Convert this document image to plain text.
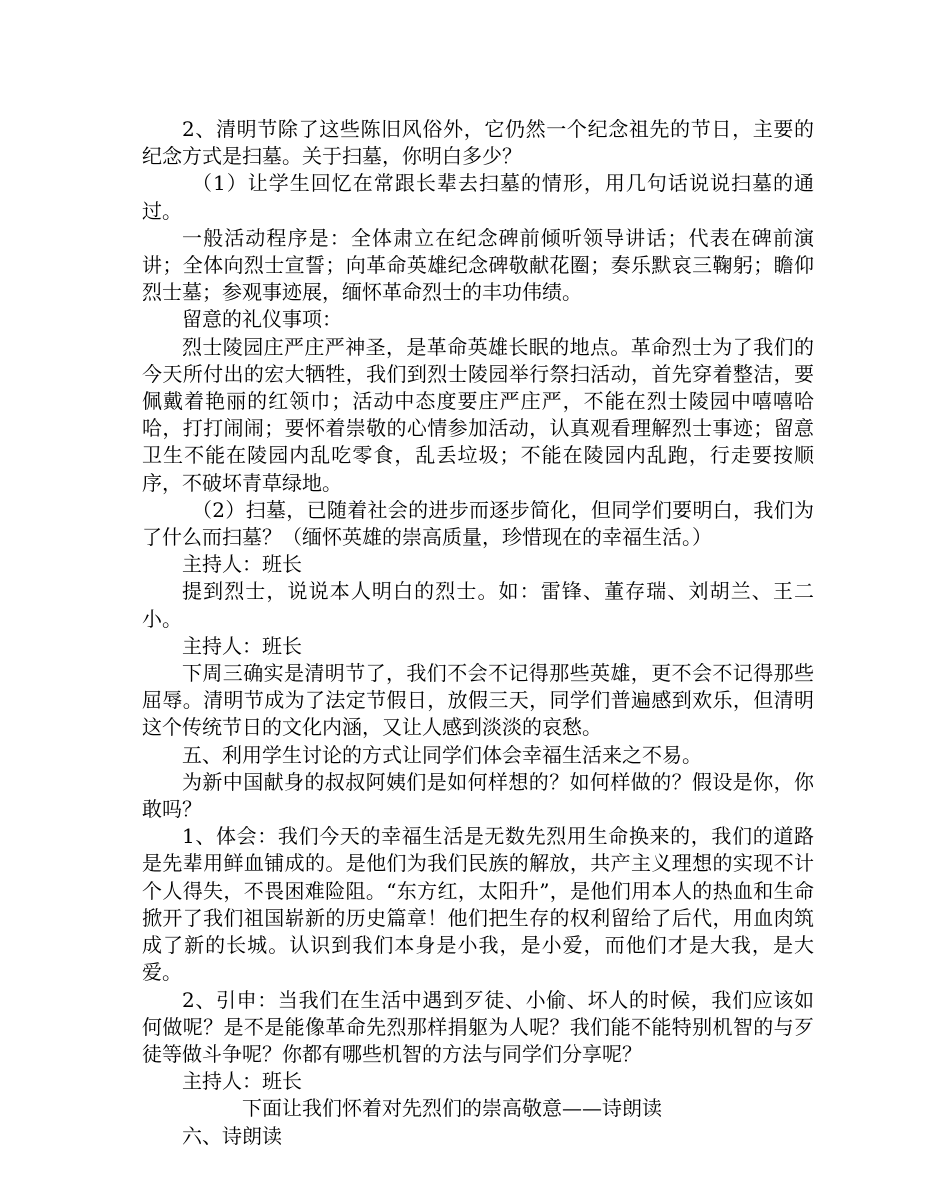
2、清明节除了这些陈旧风俗外，它仍然一个纪念祖先的节日，主要的纪念方式是扫墓。关于扫墓，你明白多少？

（1）让学生回忆在常跟长辈去扫墓的情形，用几句话说说扫墓的通过。

一般活动程序是：全体肃立在纪念碑前倾听领导讲话；代表在碑前演讲；全体向烈士宣誓；向革命英雄纪念碑敬献花圈；奏乐默哀三鞠躬；瞻仰烈士墓；参观事迹展，缅怀革命烈士的丰功伟绩。

留意的礼仪事项：

烈士陵园庄严庄严神圣，是革命英雄长眠的地点。革命烈士为了我们的今天所付出的宏大牺牲，我们到烈士陵园举行祭扫活动，首先穿着整洁，要佩戴着艳丽的红领巾；活动中态度要庄严庄严，不能在烈士陵园中嘻嘻哈哈，打打闹闹；要怀着崇敬的心情参加活动，认真观看理解烈士事迹；留意卫生不能在陵园内乱吃零食，乱丢垃圾；不能在陵园内乱跑，行走要按顺序，不破坏青草绿地。

（2）扫墓，已随着社会的进步而逐步简化，但同学们要明白，我们为了什么而扫墓？（缅怀英雄的崇高质量，珍惜现在的幸福生活。）

主持人：班长

提到烈士，说说本人明白的烈士。如：雷锋、董存瑞、刘胡兰、王二小。

主持人：班长

下周三确实是清明节了，我们不会不记得那些英雄，更不会不记得那些屈辱。清明节成为了法定节假日，放假三天，同学们普遍感到欢乐，但清明这个传统节日的文化内涵，又让人感到淡淡的哀愁。

五、利用学生讨论的方式让同学们体会幸福生活来之不易。

为新中国献身的叔叔阿姨们是如何样想的？如何样做的？假设是你，你敢吗？

1、体会：我们今天的幸福生活是无数先烈用生命换来的，我们的道路是先辈用鲜血铺成的。是他们为我们民族的解放，共产主义理想的实现不计个人得失，不畏困难险阻。“东方红，太阳升”，是他们用本人的热血和生命掀开了我们祖国崭新的历史篇章！他们把生存的权利留给了后代，用血肉筑成了新的长城。认识到我们本身是小我，是小爱，而他们才是大我，是大爱。

2、引申：当我们在生活中遇到歹徒、小偷、坏人的时候，我们应该如何做呢？是不是能像革命先烈那样捐躯为人呢？我们能不能特别机智的与歹徒等做斗争呢？你都有哪些机智的方法与同学们分享呢？

主持人：班长

下面让我们怀着对先烈们的崇高敬意——诗朗读

六、诗朗读
